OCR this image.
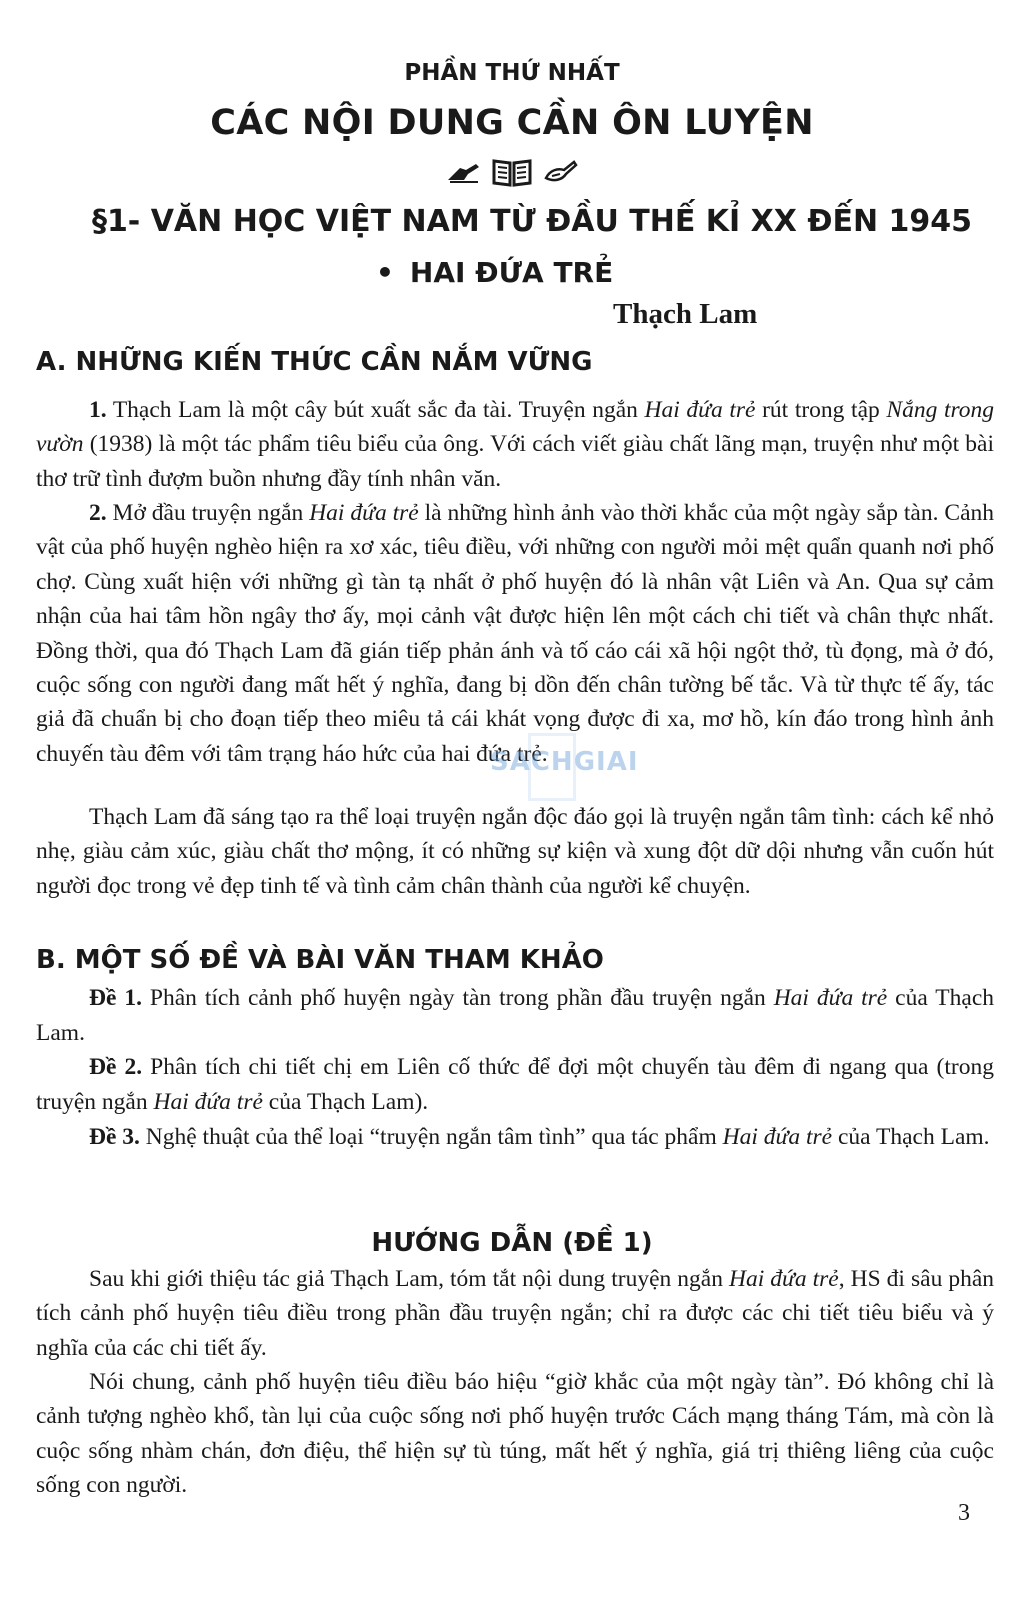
PHẦN THỨ NHẤT
CÁC NỘI DUNG CẦN ÔN LUYỆN
§1- VĂN HỌC VIỆT NAM TỪ ĐẦU THẾ KỈ XX ĐẾN 1945
• HAI ĐỨA TRẺ
Thạch Lam
A. NHỮNG KIẾN THỨC CẦN NẮM VỮNG

1. Thạch Lam là một cây bút xuất sắc đa tài. Truyện ngắn Hai đứa trẻ rút trong tập Nắng trong vườn (1938) là một tác phẩm tiêu biểu của ông. Với cách viết giàu chất lãng mạn, truyện như một bài thơ trữ tình đượm buồn nhưng đầy tính nhân văn.

2. Mở đầu truyện ngắn Hai đứa trẻ là những hình ảnh vào thời khắc của một ngày sắp tàn. Cảnh vật của phố huyện nghèo hiện ra xơ xác, tiêu điều, với những con người mỏi mệt quẩn quanh nơi phố chợ. Cùng xuất hiện với những gì tàn tạ nhất ở phố huyện đó là nhân vật Liên và An. Qua sự cảm nhận của hai tâm hồn ngây thơ ấy, mọi cảnh vật được hiện lên một cách chi tiết và chân thực nhất. Đồng thời, qua đó Thạch Lam đã gián tiếp phản ánh và tố cáo cái xã hội ngột thở, tù đọng, mà ở đó, cuộc sống con người đang mất hết ý nghĩa, đang bị dồn đến chân tường bế tắc. Và từ thực tế ấy, tác giả đã chuẩn bị cho đoạn tiếp theo miêu tả cái khát vọng được đi xa, mơ hồ, kín đáo trong hình ảnh chuyến tàu đêm với tâm trạng háo hức của hai đứa trẻ.

Thạch Lam đã sáng tạo ra thể loại truyện ngắn độc đáo gọi là truyện ngắn tâm tình: cách kể nhỏ nhẹ, giàu cảm xúc, giàu chất thơ mộng, ít có những sự kiện và xung đột dữ dội nhưng vẫn cuốn hút người đọc trong vẻ đẹp tinh tế và tình cảm chân thành của người kể chuyện.

SACHGIAI
B. MỘT SỐ ĐỀ VÀ BÀI VĂN THAM KHẢO

Đề 1. Phân tích cảnh phố huyện ngày tàn trong phần đầu truyện ngắn Hai đứa trẻ của Thạch Lam.

Đề 2. Phân tích chi tiết chị em Liên cố thức để đợi một chuyến tàu đêm đi ngang qua (trong truyện ngắn Hai đứa trẻ của Thạch Lam).

Đề 3. Nghệ thuật của thể loại “truyện ngắn tâm tình” qua tác phẩm Hai đứa trẻ của Thạch Lam.

HƯỚNG DẪN (ĐỀ 1)

Sau khi giới thiệu tác giả Thạch Lam, tóm tắt nội dung truyện ngắn Hai đứa trẻ, HS đi sâu phân tích cảnh phố huyện tiêu điều trong phần đầu truyện ngắn; chỉ ra được các chi tiết tiêu biểu và ý nghĩa của các chi tiết ấy.

Nói chung, cảnh phố huyện tiêu điều báo hiệu “giờ khắc của một ngày tàn”. Đó không chỉ là cảnh tượng nghèo khổ, tàn lụi của cuộc sống nơi phố huyện trước Cách mạng tháng Tám, mà còn là cuộc sống nhàm chán, đơn điệu, thể hiện sự tù túng, mất hết ý nghĩa, giá trị thiêng liêng của cuộc sống con người.

3
